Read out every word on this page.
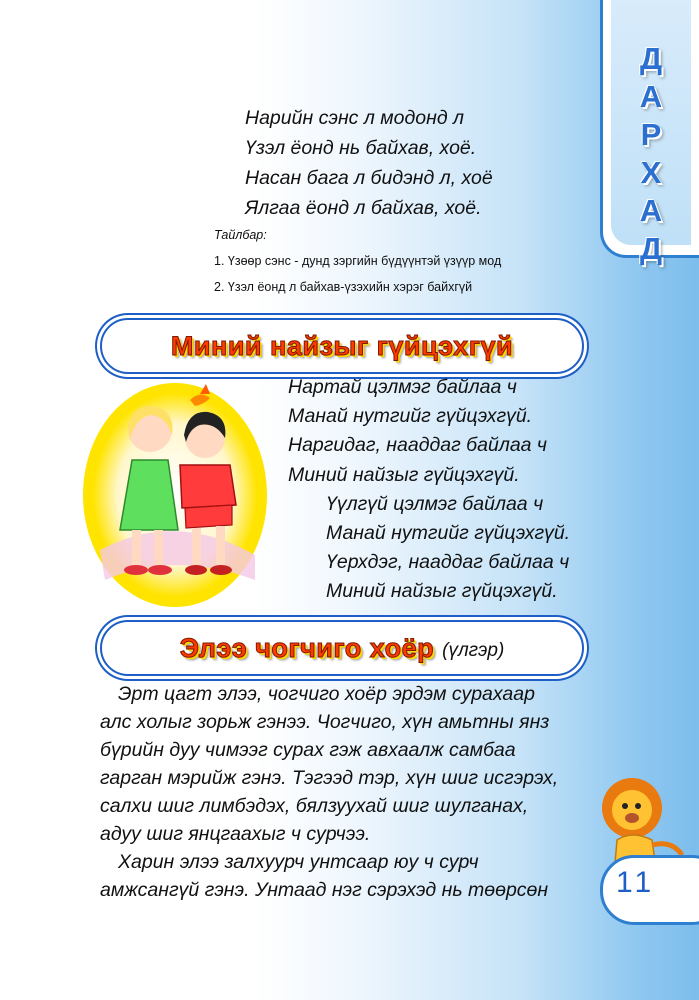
Д
А
Р
Х
А
Д
Нарийн сэнс л модонд л
Үзэл ёонд нь байхав, хоё.
Насан бага л бидэнд л, хоё
Ялгаа ёонд л байхав, хоё.
Тайлбар:
1. Үзөөр сэнс - дунд зэргийн бүдүүнтэй үзүүр мод
2. Үзэл ёонд л байхав-үзэхийн хэрэг байхгүй
Миний найзыг гүйцэхгүй
Нартай цэлмэг байлаа ч
Манай нутгийг гүйцэхгүй.
Наргидаг, нааддаг байлаа ч
Миний найзыг гүйцэхгүй.
Үүлгүй цэлмэг байлаа ч
Манай нутгийг гүйцэхгүй.
Үерхдэг, нааддаг байлаа ч
Миний найзыг гүйцэхгүй.
Элээ чогчиго хоёр (үлгэр)

Эрт цагт элээ, чогчиго хоёр эрдэм сурахаар

алс холыг зорьж гэнээ. Чогчиго, хүн амьтны янз

бүрийн дуу чимээг сурах гэж авхаалж самбаа

гарган мэрийж гэнэ. Тэгээд тэр, хүн шиг исгэрэх,

салхи шиг лимбэдэх, бялзуухай шиг шулганах,

адуу шиг янцгаахыг ч сурчээ.

Харин элээ залхуурч унтсаар юу ч сурч

амжсангүй гэнэ. Унтаад нэг сэрэхэд нь төөрсөн	11
